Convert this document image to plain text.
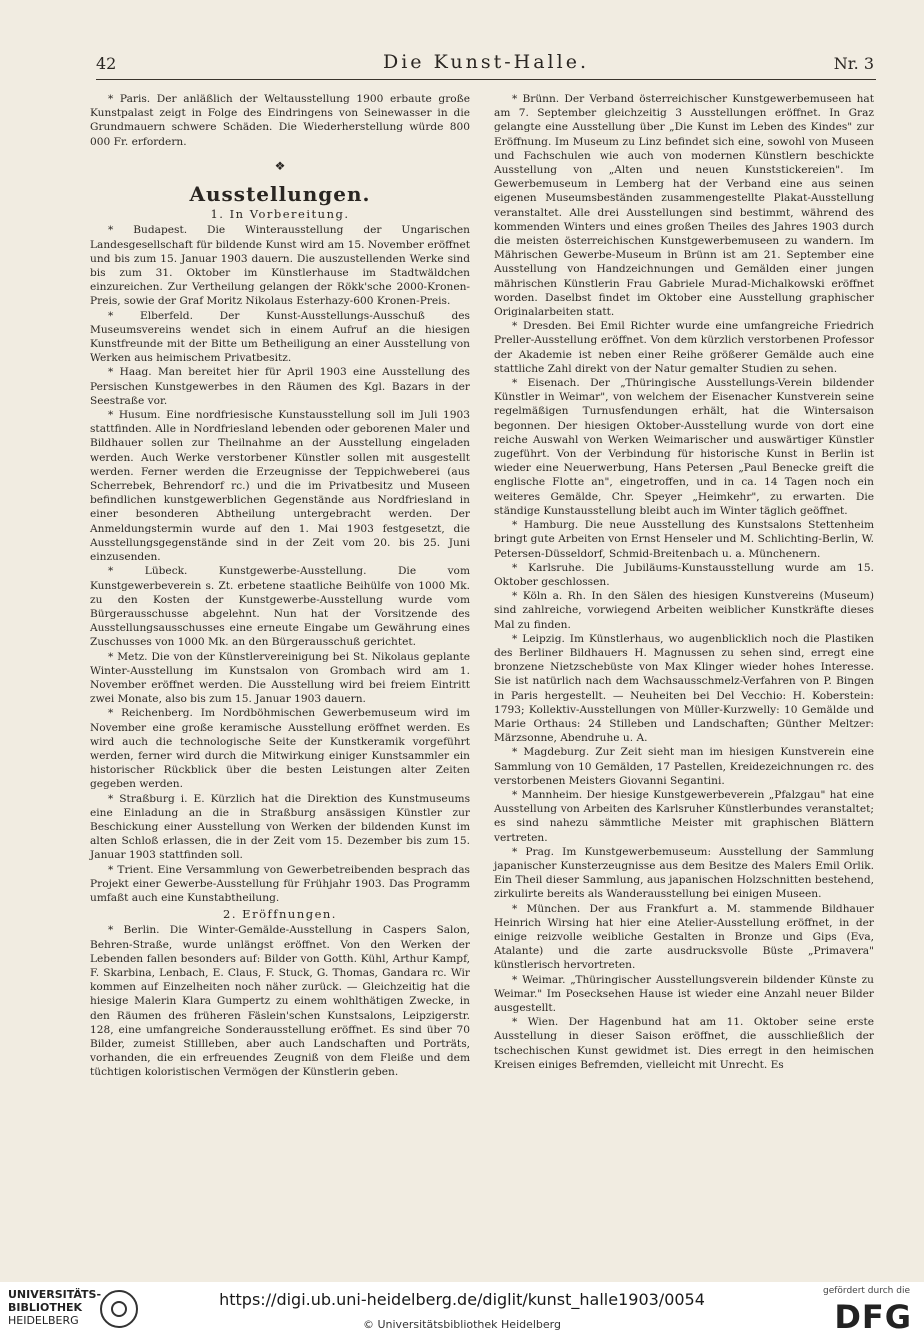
42	Die Kunst-Halle.	Nr. 3

* Paris. Der anläßlich der Weltausstellung 1900 erbaute große Kunstpalast zeigt in Folge des Eindringens von Seinewasser in die Grundmauern schwere Schäden. Die Wiederherstellung würde 800 000 Fr. erfordern.

❖
Ausstellungen.
1. In Vorbereitung.

* Budapest. Die Winterausstellung der Ungarischen Landesgesellschaft für bildende Kunst wird am 15. November eröffnet und bis zum 15. Januar 1903 dauern. Die auszustellenden Werke sind bis zum 31. Oktober im Künstlerhause im Stadtwäldchen einzureichen. Zur Vertheilung gelangen der Rökk'sche 2000-Kronen-Preis, sowie der Graf Moritz Nikolaus Esterhazy-600 Kronen-Preis.

* Elberfeld. Der Kunst-Ausstellungs-Ausschuß des Museumsvereins wendet sich in einem Aufruf an die hiesigen Kunstfreunde mit der Bitte um Betheiligung an einer Ausstellung von Werken aus heimischem Privatbesitz.

* Haag. Man bereitet hier für April 1903 eine Ausstellung des Persischen Kunstgewerbes in den Räumen des Kgl. Bazars in der Seestraße vor.

* Husum. Eine nordfriesische Kunstausstellung soll im Juli 1903 stattfinden. Alle in Nordfriesland lebenden oder geborenen Maler und Bildhauer sollen zur Theilnahme an der Ausstellung eingeladen werden. Auch Werke verstorbener Künstler sollen mit ausgestellt werden. Ferner werden die Erzeugnisse der Teppichweberei (aus Scherrebek, Behrendorf rc.) und die im Privatbesitz und Museen befindlichen kunstgewerblichen Gegenstände aus Nordfriesland in einer besonderen Abtheilung untergebracht werden. Der Anmeldungstermin wurde auf den 1. Mai 1903 festgesetzt, die Ausstellungsgegenstände sind in der Zeit vom 20. bis 25. Juni einzusenden.

* Lübeck. Kunstgewerbe-Ausstellung. Die vom Kunstgewerbeverein s. Zt. erbetene staatliche Beihülfe von 1000 Mk. zu den Kosten der Kunstgewerbe-Ausstellung wurde vom Bürgerausschusse abgelehnt. Nun hat der Vorsitzende des Ausstellungsausschusses eine erneute Eingabe um Gewährung eines Zuschusses von 1000 Mk. an den Bürgerausschuß gerichtet.

* Metz. Die von der Künstlervereinigung bei St. Nikolaus geplante Winter-Ausstellung im Kunstsalon von Grombach wird am 1. November eröffnet werden. Die Ausstellung wird bei freiem Eintritt zwei Monate, also bis zum 15. Januar 1903 dauern.

* Reichenberg. Im Nordböhmischen Gewerbemuseum wird im November eine große keramische Ausstellung eröffnet werden. Es wird auch die technologische Seite der Kunstkeramik vorgeführt werden, ferner wird durch die Mitwirkung einiger Kunstsammler ein historischer Rückblick über die besten Leistungen alter Zeiten gegeben werden.

* Straßburg i. E. Kürzlich hat die Direktion des Kunstmuseums eine Einladung an die in Straßburg ansässigen Künstler zur Beschickung einer Ausstellung von Werken der bildenden Kunst im alten Schloß erlassen, die in der Zeit vom 15. Dezember bis zum 15. Januar 1903 stattfinden soll.

* Trient. Eine Versammlung von Gewerbetreibenden besprach das Projekt einer Gewerbe-Ausstellung für Frühjahr 1903. Das Programm umfaßt auch eine Kunstabtheilung.

2. Eröffnungen.

* Berlin. Die Winter-Gemälde-Ausstellung in Caspers Salon, Behren-Straße, wurde unlängst eröffnet. Von den Werken der Lebenden fallen besonders auf: Bilder von Gotth. Kühl, Arthur Kampf, F. Skarbina, Lenbach, E. Claus, F. Stuck, G. Thomas, Gandara rc. Wir kommen auf Einzelheiten noch näher zurück. — Gleichzeitig hat die hiesige Malerin Klara Gumpertz zu einem wohlthätigen Zwecke, in den Räumen des früheren Fäslein'schen Kunstsalons, Leipzigerstr. 128, eine umfangreiche Sonderausstellung eröffnet. Es sind über 70 Bilder, zumeist Stillleben, aber auch Landschaften und Porträts, vorhanden, die ein erfreuendes Zeugniß von dem Fleiße und dem tüchtigen koloristischen Vermögen der Künstlerin geben.

* Brünn. Der Verband österreichischer Kunstgewerbemuseen hat am 7. September gleichzeitig 3 Ausstellungen eröffnet. In Graz gelangte eine Ausstellung über „Die Kunst im Leben des Kindes" zur Eröffnung. Im Museum zu Linz befindet sich eine, sowohl von Museen und Fachschulen wie auch von modernen Künstlern beschickte Ausstellung von „Alten und neuen Kunststickereien". Im Gewerbemuseum in Lemberg hat der Verband eine aus seinen eigenen Museumsbeständen zusammengestellte Plakat-Ausstellung veranstaltet. Alle drei Ausstellungen sind bestimmt, während des kommenden Winters und eines großen Theiles des Jahres 1903 durch die meisten österreichischen Kunstgewerbemuseen zu wandern. Im Mährischen Gewerbe-Museum in Brünn ist am 21. September eine Ausstellung von Handzeichnungen und Gemälden einer jungen mährischen Künstlerin Frau Gabriele Murad-Michalkowski eröffnet worden. Daselbst findet im Oktober eine Ausstellung graphischer Originalarbeiten statt.

* Dresden. Bei Emil Richter wurde eine umfangreiche Friedrich Preller-Ausstellung eröffnet. Von dem kürzlich verstorbenen Professor der Akademie ist neben einer Reihe größerer Gemälde auch eine stattliche Zahl direkt von der Natur gemalter Studien zu sehen.

* Eisenach. Der „Thüringische Ausstellungs-Verein bildender Künstler in Weimar", von welchem der Eisenacher Kunstverein seine regelmäßigen Turnusfendungen erhält, hat die Wintersaison begonnen. Der hiesigen Oktober-Ausstellung wurde von dort eine reiche Auswahl von Werken Weimarischer und auswärtiger Künstler zugeführt. Von der Verbindung für historische Kunst in Berlin ist wieder eine Neuerwerbung, Hans Petersen „Paul Benecke greift die englische Flotte an", eingetroffen, und in ca. 14 Tagen noch ein weiteres Gemälde, Chr. Speyer „Heimkehr", zu erwarten. Die ständige Kunstausstellung bleibt auch im Winter täglich geöffnet.

* Hamburg. Die neue Ausstellung des Kunstsalons Stettenheim bringt gute Arbeiten von Ernst Henseler und M. Schlichting-Berlin, W. Petersen-Düsseldorf, Schmid-Breitenbach u. a. Münchenern.

* Karlsruhe. Die Jubiläums-Kunstausstellung wurde am 15. Oktober geschlossen.

* Köln a. Rh. In den Sälen des hiesigen Kunstvereins (Museum) sind zahlreiche, vorwiegend Arbeiten weiblicher Kunstkräfte dieses Mal zu finden.

* Leipzig. Im Künstlerhaus, wo augenblicklich noch die Plastiken des Berliner Bildhauers H. Magnussen zu sehen sind, erregt eine bronzene Nietzschebüste von Max Klinger wieder hohes Interesse. Sie ist natürlich nach dem Wachsausschmelz-Verfahren von P. Bingen in Paris hergestellt. — Neuheiten bei Del Vecchio: H. Koberstein: 1793; Kollektiv-Ausstellungen von Müller-Kurzwelly: 10 Gemälde und Marie Orthaus: 24 Stilleben und Landschaften; Günther Meltzer: Märzsonne, Abendruhe u. A.

* Magdeburg. Zur Zeit sieht man im hiesigen Kunstverein eine Sammlung von 10 Gemälden, 17 Pastellen, Kreidezeichnungen rc. des verstorbenen Meisters Giovanni Segantini.

* Mannheim. Der hiesige Kunstgewerbeverein „Pfalzgau" hat eine Ausstellung von Arbeiten des Karlsruher Künstlerbundes veranstaltet; es sind nahezu sämmtliche Meister mit graphischen Blättern vertreten.

* Prag. Im Kunstgewerbemuseum: Ausstellung der Sammlung japanischer Kunsterzeugnisse aus dem Besitze des Malers Emil Orlik. Ein Theil dieser Sammlung, aus japanischen Holzschnitten bestehend, zirkulirte bereits als Wanderausstellung bei einigen Museen.

* München. Der aus Frankfurt a. M. stammende Bildhauer Heinrich Wirsing hat hier eine Atelier-Ausstellung eröffnet, in der einige reizvolle weibliche Gestalten in Bronze und Gips (Eva, Atalante) und die zarte ausdrucksvolle Büste „Primavera" künstlerisch hervortreten.

* Weimar. „Thüringischer Ausstellungsverein bildender Künste zu Weimar." Im Posecksehen Hause ist wieder eine Anzahl neuer Bilder ausgestellt.

* Wien. Der Hagenbund hat am 11. Oktober seine erste Ausstellung in dieser Saison eröffnet, die ausschließlich der tschechischen Kunst gewidmet ist. Dies erregt in den heimischen Kreisen einiges Befremden, vielleicht mit Unrecht. Es

UNIVERSITÄTS-
BIBLIOTHEK
HEIDELBERG
https://digi.ub.uni-heidelberg.de/diglit/kunst_halle1903/0054
© Universitätsbibliothek Heidelberg
gefördert durch die
DFG
